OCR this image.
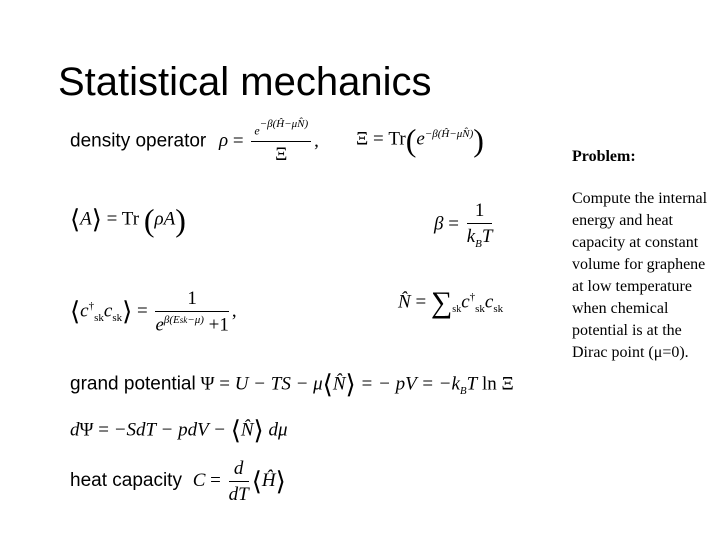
Statistical mechanics
density operator $\rho = \frac{e^{-\beta(Ĥ-\mu N̂)}}{\Xi}$ , $\Xi = Tr(e^{-\beta(Ĥ-\mu N̂)})$
⟨A⟩ = Tr (ρA)	$\beta = \frac{1}{k_BT}$
$⟨c^\dagger_{sk}c_{sk}⟩ = \frac{1}{e^{\beta(Esk-\mu)} +1}$ ,	N̂ = $\sum_{sk}c^\dagger_{sk}c_{sk}$
grand potential Ψ = U − TS − μ⟨N̂⟩ = − pV = $-k_BT$ ln Ξ
dΨ = −SdT − pdV − ⟨N̂⟩ dμ
heat capacity $C = \frac{d}{dT}$ ⟨Ĥ⟩

Problem:

Compute the internal energy and heat capacity at constant volume for graphene at low temperature when chemical potential is at the Dirac point (μ=0).
